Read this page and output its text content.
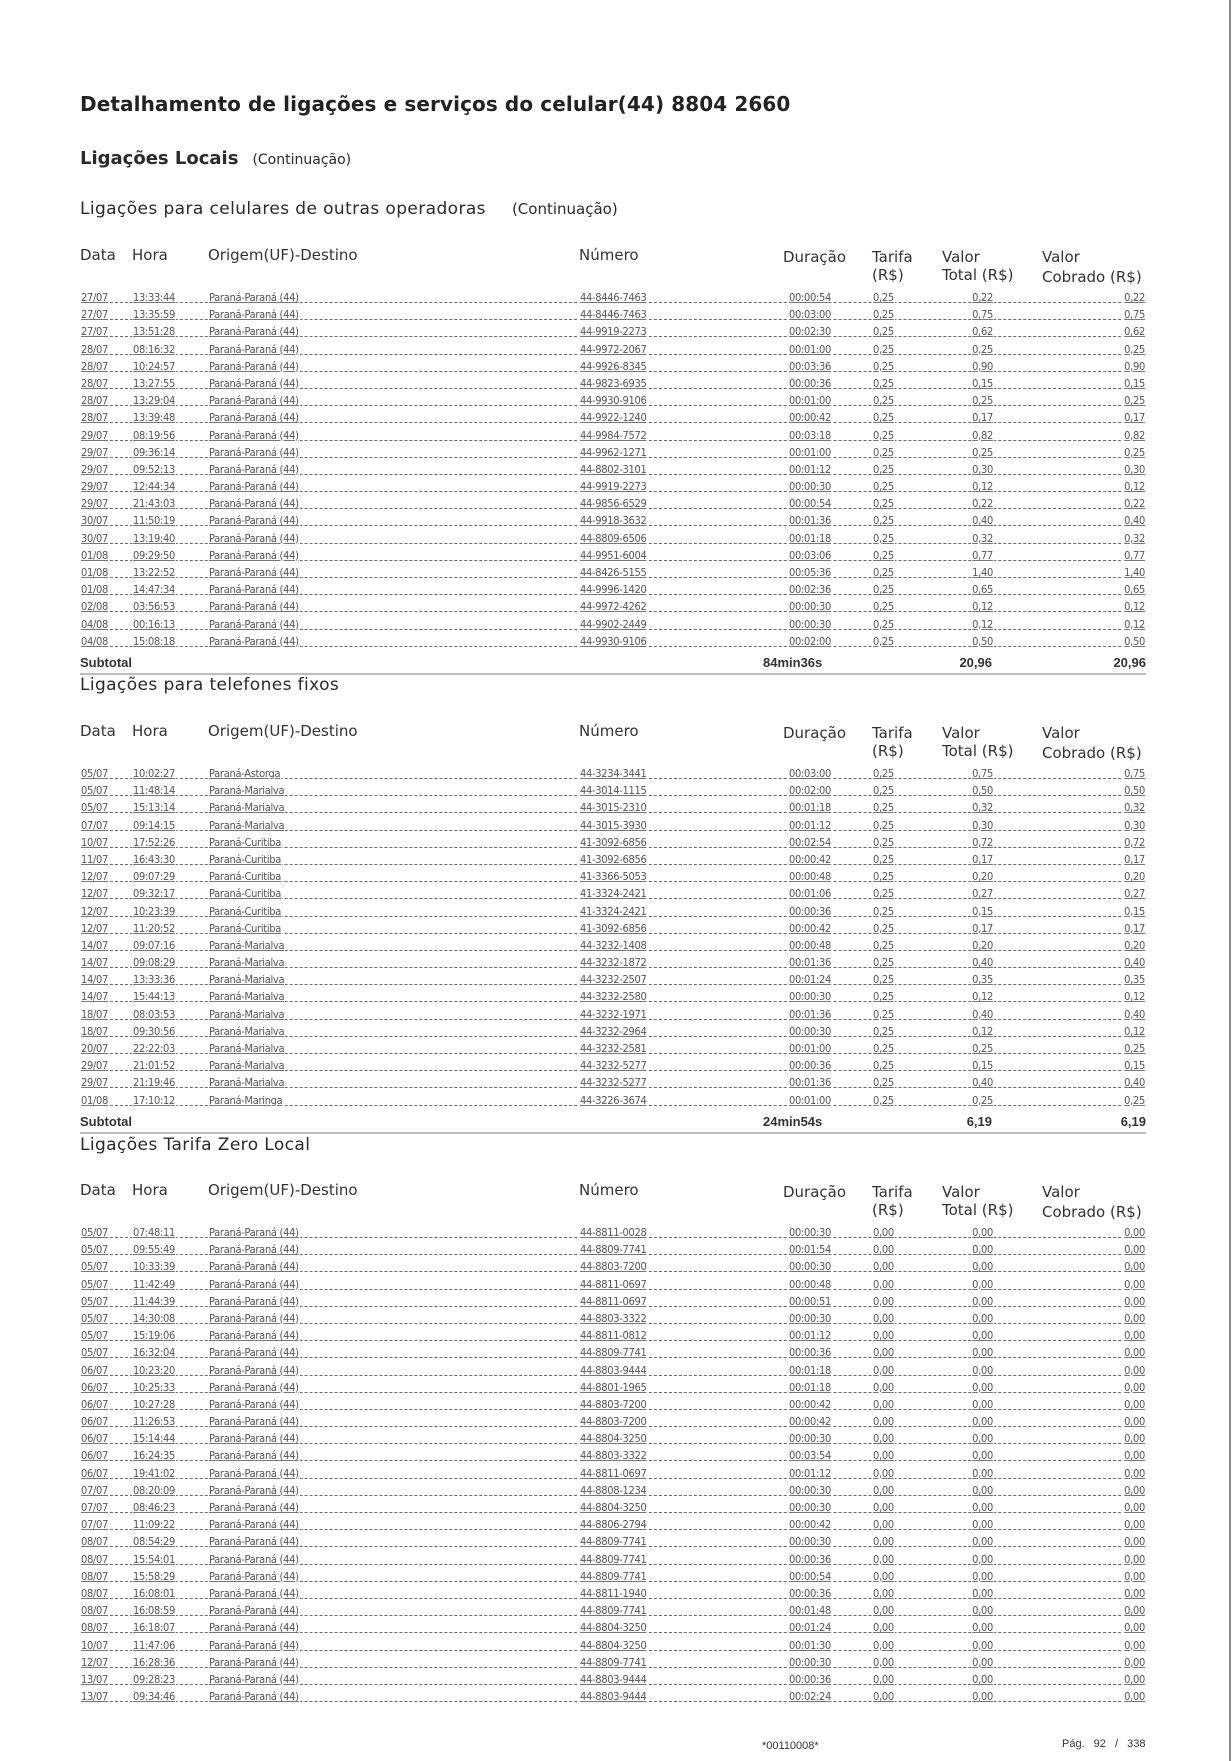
Detalhamento de ligações e serviços do celular(44) 8804 2660
Ligações Locais (Continuação)
Ligações para celulares de outras operadoras (Continuação)
Data Hora	Origem(UF)-Destino	Número	Duração Tarifa
(R$)
Valor
Total (R$)
Valor
Cobrado (R$)
27/07 13:33:44	Paraná-Paraná (44)	44-8446-7463	00:00:54	0,25	0,22	0,22
27/07 13:35:59	Paraná-Paraná (44)	44-8446-7463	00:03:00	0,25	0,75	0,75
27/07 13:51:28	Paraná-Paraná (44)	44-9919-2273	00:02:30	0,25	0,62	0,62
28/07 08:16:32	Paraná-Paraná (44)	44-9972-2067	00:01:00	0,25	0,25	0,25
28/07 10:24:57	Paraná-Paraná (44)	44-9926-8345	00:03:36	0,25	0,90	0,90
28/07 13:27:55	Paraná-Paraná (44)	44-9823-6935	00:00:36	0,25	0,15	0,15
28/07 13:29:04	Paraná-Paraná (44)	44-9930-9106	00:01:00	0,25	0,25	0,25
28/07 13:39:48	Paraná-Paraná (44)	44-9922-1240	00:00:42	0,25	0,17	0,17
29/07 08:19:56	Paraná-Paraná (44)	44-9984-7572	00:03:18	0,25	0,82	0,82
29/07 09:36:14	Paraná-Paraná (44)	44-9962-1271	00:01:00	0,25	0,25	0,25
29/07 09:52:13	Paraná-Paraná (44)	44-8802-3101	00:01:12	0,25	0,30	0,30
29/07 12:44:34	Paraná-Paraná (44)	44-9919-2273	00:00:30	0,25	0,12	0,12
29/07 21:43:03	Paraná-Paraná (44)	44-9856-6529	00:00:54	0,25	0,22	0,22
30/07 11:50:19	Paraná-Paraná (44)	44-9918-3632	00:01:36	0,25	0,40	0,40
30/07 13:19:40	Paraná-Paraná (44)	44-8809-6506	00:01:18	0,25	0,32	0,32
01/08 09:29:50	Paraná-Paraná (44)	44-9951-6004	00:03:06	0,25	0,77	0,77
01/08 13:22:52	Paraná-Paraná (44)	44-8426-5155	00:05:36	0,25	1,40	1,40
01/08 14:47:34	Paraná-Paraná (44)	44-9996-1420	00:02:36	0,25	0,65	0,65
02/08 03:56:53	Paraná-Paraná (44)	44-9972-4262	00:00:30	0,25	0,12	0,12
04/08 00:16:13	Paraná-Paraná (44)	44-9902-2449	00:00:30	0,25	0,12	0,12
04/08 15:08:18	Paraná-Paraná (44)	44-9930-9106	00:02:00	0,25	0,50	0,50
Subtotal	84min36s	20,96	20,96
Ligações para telefones fixos
Data Hora	Origem(UF)-Destino	Número	Duração Tarifa
(R$)
Valor
Total (R$)
Valor
Cobrado (R$)
05/07 10:02:27	Paraná-Astorga	44-3234-3441	00:03:00	0,25	0,75	0,75
05/07 11:48:14	Paraná-Marialva	44-3014-1115	00:02:00	0,25	0,50	0,50
05/07 15:13:14	Paraná-Marialva	44-3015-2310	00:01:18	0,25	0,32	0,32
07/07 09:14:15	Paraná-Marialva	44-3015-3930	00:01:12	0,25	0,30	0,30
10/07 17:52:26	Paraná-Curitiba	41-3092-6856	00:02:54	0,25	0,72	0,72
11/07 16:43:30	Paraná-Curitiba	41-3092-6856	00:00:42	0,25	0,17	0,17
12/07 09:07:29	Paraná-Curitiba	41-3366-5053	00:00:48	0,25	0,20	0,20
12/07 09:32:17	Paraná-Curitiba	41-3324-2421	00:01:06	0,25	0,27	0,27
12/07 10:23:39	Paraná-Curitiba	41-3324-2421	00:00:36	0,25	0,15	0,15
12/07 11:20:52	Paraná-Curitiba	41-3092-6856	00:00:42	0,25	0,17	0,17
14/07 09:07:16	Paraná-Marialva	44-3232-1408	00:00:48	0,25	0,20	0,20
14/07 09:08:29	Paraná-Marialva	44-3232-1872	00:01:36	0,25	0,40	0,40
14/07 13:33:36	Paraná-Marialva	44-3232-2507	00:01:24	0,25	0,35	0,35
14/07 15:44:13	Paraná-Marialva	44-3232-2580	00:00:30	0,25	0,12	0,12
18/07 08:03:53	Paraná-Marialva	44-3232-1971	00:01:36	0,25	0,40	0,40
18/07 09:30:56	Paraná-Marialva	44-3232-2964	00:00:30	0,25	0,12	0,12
20/07 22:22:03	Paraná-Marialva	44-3232-2581	00:01:00	0,25	0,25	0,25
29/07 21:01:52	Paraná-Marialva	44-3232-5277	00:00:36	0,25	0,15	0,15
29/07 21:19:46	Paraná-Marialva	44-3232-5277	00:01:36	0,25	0,40	0,40
01/08 17:10:12	Paraná-Maringa	44-3226-3674	00:01:00	0,25	0,25	0,25
Subtotal	24min54s	6,19	6,19
Ligações Tarifa Zero Local
Data Hora	Origem(UF)-Destino	Número	Duração Tarifa
(R$)
Valor
Total (R$)
Valor
Cobrado (R$)
05/07 07:48:11	Paraná-Paraná (44)	44-8811-0028	00:00:30	0,00	0,00	0,00
05/07 09:55:49	Paraná-Paraná (44)	44-8809-7741	00:01:54	0,00	0,00	0,00
05/07 10:33:39	Paraná-Paraná (44)	44-8803-7200	00:00:30	0,00	0,00	0,00
05/07 11:42:49	Paraná-Paraná (44)	44-8811-0697	00:00:48	0,00	0,00	0,00
05/07 11:44:39	Paraná-Paraná (44)	44-8811-0697	00:00:51	0,00	0,00	0,00
05/07 14:30:08	Paraná-Paraná (44)	44-8803-3322	00:00:30	0,00	0,00	0,00
05/07 15:19:06	Paraná-Paraná (44)	44-8811-0812	00:01:12	0,00	0,00	0,00
05/07 16:32:04	Paraná-Paraná (44)	44-8809-7741	00:00:36	0,00	0,00	0,00
06/07 10:23:20	Paraná-Paraná (44)	44-8803-9444	00:01:18	0,00	0,00	0,00
06/07 10:25:33	Paraná-Paraná (44)	44-8801-1965	00:01:18	0,00	0,00	0,00
06/07 10:27:28	Paraná-Paraná (44)	44-8803-7200	00:00:42	0,00	0,00	0,00
06/07 11:26:53	Paraná-Paraná (44)	44-8803-7200	00:00:42	0,00	0,00	0,00
06/07 15:14:44	Paraná-Paraná (44)	44-8804-3250	00:00:30	0,00	0,00	0,00
06/07 16:24:35	Paraná-Paraná (44)	44-8803-3322	00:03:54	0,00	0,00	0,00
06/07 19:41:02	Paraná-Paraná (44)	44-8811-0697	00:01:12	0,00	0,00	0,00
07/07 08:20:09	Paraná-Paraná (44)	44-8808-1234	00:00:30	0,00	0,00	0,00
07/07 08:46:23	Paraná-Paraná (44)	44-8804-3250	00:00:30	0,00	0,00	0,00
07/07 11:09:22	Paraná-Paraná (44)	44-8806-2794	00:00:42	0,00	0,00	0,00
08/07 08:54:29	Paraná-Paraná (44)	44-8809-7741	00:00:30	0,00	0,00	0,00
08/07 15:54:01	Paraná-Paraná (44)	44-8809-7741	00:00:36	0,00	0,00	0,00
08/07 15:58:29	Paraná-Paraná (44)	44-8809-7741	00:00:54	0,00	0,00	0,00
08/07 16:08:01	Paraná-Paraná (44)	44-8811-1940	00:00:36	0,00	0,00	0,00
08/07 16:08:59	Paraná-Paraná (44)	44-8809-7741	00:01:48	0,00	0,00	0,00
08/07 16:18:07	Paraná-Paraná (44)	44-8804-3250	00:01:24	0,00	0,00	0,00
10/07 11:47:06	Paraná-Paraná (44)	44-8804-3250	00:01:30	0,00	0,00	0,00
12/07 16:28:36	Paraná-Paraná (44)	44-8809-7741	00:00:30	0,00	0,00	0,00
13/07 09:28:23	Paraná-Paraná (44)	44-8803-9444	00:00:36	0,00	0,00	0,00
13/07 09:34:46	Paraná-Paraná (44)	44-8803-9444	00:02:24	0,00	0,00	0,00
*00110008*	Pág. 92 / 338
